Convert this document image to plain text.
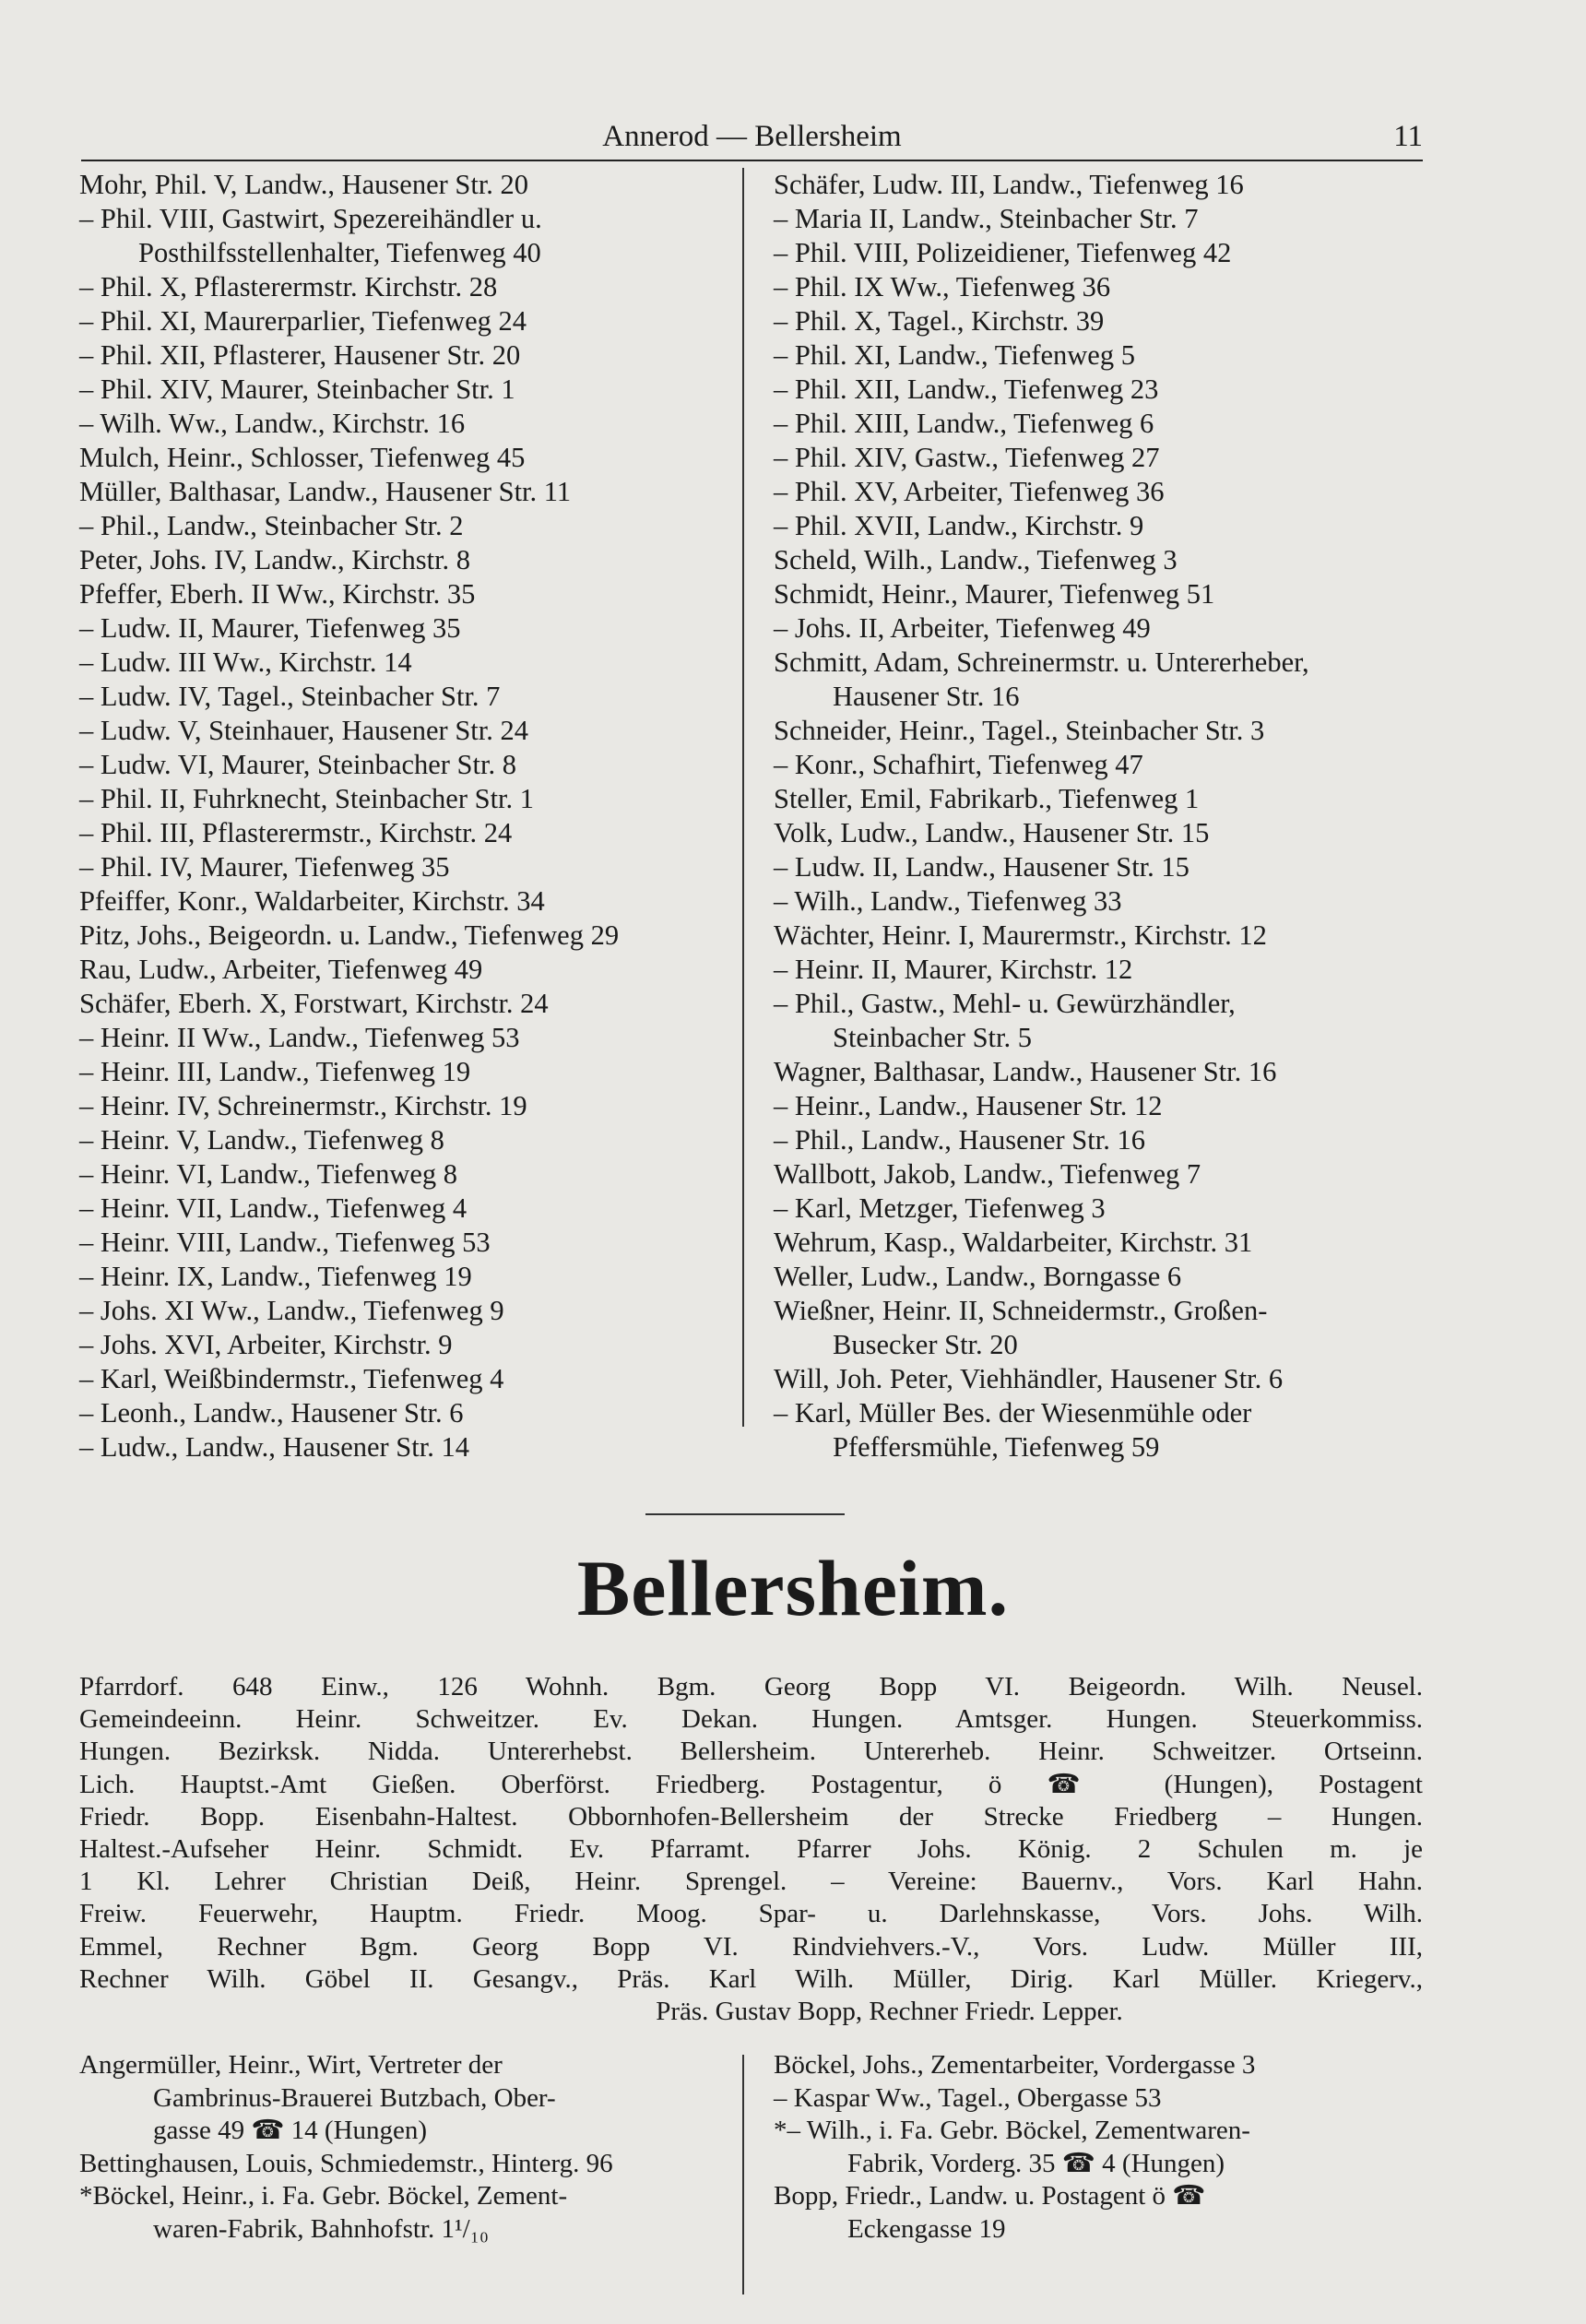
Annerod — Bellersheim	11
Mohr, Phil. V, Landw., Hausener Str. 20
– Phil. VIII, Gastwirt, Spezereihändler u.
Posthilfsstellenhalter, Tiefenweg 40
– Phil. X, Pflasterermstr. Kirchstr. 28
– Phil. XI, Maurerparlier, Tiefenweg 24
– Phil. XII, Pflasterer, Hausener Str. 20
– Phil. XIV, Maurer, Steinbacher Str. 1
– Wilh. Ww., Landw., Kirchstr. 16
Mulch, Heinr., Schlosser, Tiefenweg 45
Müller, Balthasar, Landw., Hausener Str. 11
– Phil., Landw., Steinbacher Str. 2
Peter, Johs. IV, Landw., Kirchstr. 8
Pfeffer, Eberh. II Ww., Kirchstr. 35
– Ludw. II, Maurer, Tiefenweg 35
– Ludw. III Ww., Kirchstr. 14
– Ludw. IV, Tagel., Steinbacher Str. 7
– Ludw. V, Steinhauer, Hausener Str. 24
– Ludw. VI, Maurer, Steinbacher Str. 8
– Phil. II, Fuhrknecht, Steinbacher Str. 1
– Phil. III, Pflasterermstr., Kirchstr. 24
– Phil. IV, Maurer, Tiefenweg 35
Pfeiffer, Konr., Waldarbeiter, Kirchstr. 34
Pitz, Johs., Beigeordn. u. Landw., Tiefenweg 29
Rau, Ludw., Arbeiter, Tiefenweg 49
Schäfer, Eberh. X, Forstwart, Kirchstr. 24
– Heinr. II Ww., Landw., Tiefenweg 53
– Heinr. III, Landw., Tiefenweg 19
– Heinr. IV, Schreinermstr., Kirchstr. 19
– Heinr. V, Landw., Tiefenweg 8
– Heinr. VI, Landw., Tiefenweg 8
– Heinr. VII, Landw., Tiefenweg 4
– Heinr. VIII, Landw., Tiefenweg 53
– Heinr. IX, Landw., Tiefenweg 19
– Johs. XI Ww., Landw., Tiefenweg 9
– Johs. XVI, Arbeiter, Kirchstr. 9
– Karl, Weißbindermstr., Tiefenweg 4
– Leonh., Landw., Hausener Str. 6
– Ludw., Landw., Hausener Str. 14
Schäfer, Ludw. III, Landw., Tiefenweg 16
– Maria II, Landw., Steinbacher Str. 7
– Phil. VIII, Polizeidiener, Tiefenweg 42
– Phil. IX Ww., Tiefenweg 36
– Phil. X, Tagel., Kirchstr. 39
– Phil. XI, Landw., Tiefenweg 5
– Phil. XII, Landw., Tiefenweg 23
– Phil. XIII, Landw., Tiefenweg 6
– Phil. XIV, Gastw., Tiefenweg 27
– Phil. XV, Arbeiter, Tiefenweg 36
– Phil. XVII, Landw., Kirchstr. 9
Scheld, Wilh., Landw., Tiefenweg 3
Schmidt, Heinr., Maurer, Tiefenweg 51
– Johs. II, Arbeiter, Tiefenweg 49
Schmitt, Adam, Schreinermstr. u. Untererheber,
Hausener Str. 16
Schneider, Heinr., Tagel., Steinbacher Str. 3
– Konr., Schafhirt, Tiefenweg 47
Steller, Emil, Fabrikarb., Tiefenweg 1
Volk, Ludw., Landw., Hausener Str. 15
– Ludw. II, Landw., Hausener Str. 15
– Wilh., Landw., Tiefenweg 33
Wächter, Heinr. I, Maurermstr., Kirchstr. 12
– Heinr. II, Maurer, Kirchstr. 12
– Phil., Gastw., Mehl- u. Gewürzhändler,
Steinbacher Str. 5
Wagner, Balthasar, Landw., Hausener Str. 16
– Heinr., Landw., Hausener Str. 12
– Phil., Landw., Hausener Str. 16
Wallbott, Jakob, Landw., Tiefenweg 7
– Karl, Metzger, Tiefenweg 3
Wehrum, Kasp., Waldarbeiter, Kirchstr. 31
Weller, Ludw., Landw., Borngasse 6
Wießner, Heinr. II, Schneidermstr., Großen-
Busecker Str. 20
Will, Joh. Peter, Viehhändler, Hausener Str. 6
– Karl, Müller Bes. der Wiesenmühle oder
Pfeffersmühle, Tiefenweg 59
Bellersheim.
Pfarrdorf. 648 Einw., 126 Wohnh. Bgm. Georg Bopp VI. Beigeordn. Wilh. Neusel.
Gemeindeeinn. Heinr. Schweitzer. Ev. Dekan. Hungen. Amtsger. Hungen. Steuerkommiss.
Hungen. Bezirksk. Nidda. Untererhebst. Bellersheim. Untererheb. Heinr. Schweitzer. Ortseinn.
Lich. Hauptst.-Amt Gießen. Oberförst. Friedberg. Postagentur, ö ☎ (Hungen), Postagent
Friedr. Bopp. Eisenbahn-Haltest. Obbornhofen-Bellersheim der Strecke Friedberg – Hungen.
Haltest.-Aufseher Heinr. Schmidt. Ev. Pfarramt. Pfarrer Johs. König. 2 Schulen m. je
1 Kl. Lehrer Christian Deiß, Heinr. Sprengel. – Vereine: Bauernv., Vors. Karl Hahn.
Freiw. Feuerwehr, Hauptm. Friedr. Moog. Spar- u. Darlehnskasse, Vors. Johs. Wilh.
Emmel, Rechner Bgm. Georg Bopp VI. Rindviehvers.-V., Vors. Ludw. Müller III,
Rechner Wilh. Göbel II. Gesangv., Präs. Karl Wilh. Müller, Dirig. Karl Müller. Kriegerv.,
Präs. Gustav Bopp, Rechner Friedr. Lepper.
Angermüller, Heinr., Wirt, Vertreter der
Gambrinus-Brauerei Butzbach, Ober-
gasse 49 ☎ 14 (Hungen)
Bettinghausen, Louis, Schmiedemstr., Hinterg. 96
*Böckel, Heinr., i. Fa. Gebr. Böckel, Zement-
waren-Fabrik, Bahnhofstr. 1¹/₁₀
Böckel, Johs., Zementarbeiter, Vordergasse 3
– Kaspar Ww., Tagel., Obergasse 53
*– Wilh., i. Fa. Gebr. Böckel, Zementwaren-
Fabrik, Vorderg. 35 ☎ 4 (Hungen)
Bopp, Friedr., Landw. u. Postagent ö ☎
Eckengasse 19
